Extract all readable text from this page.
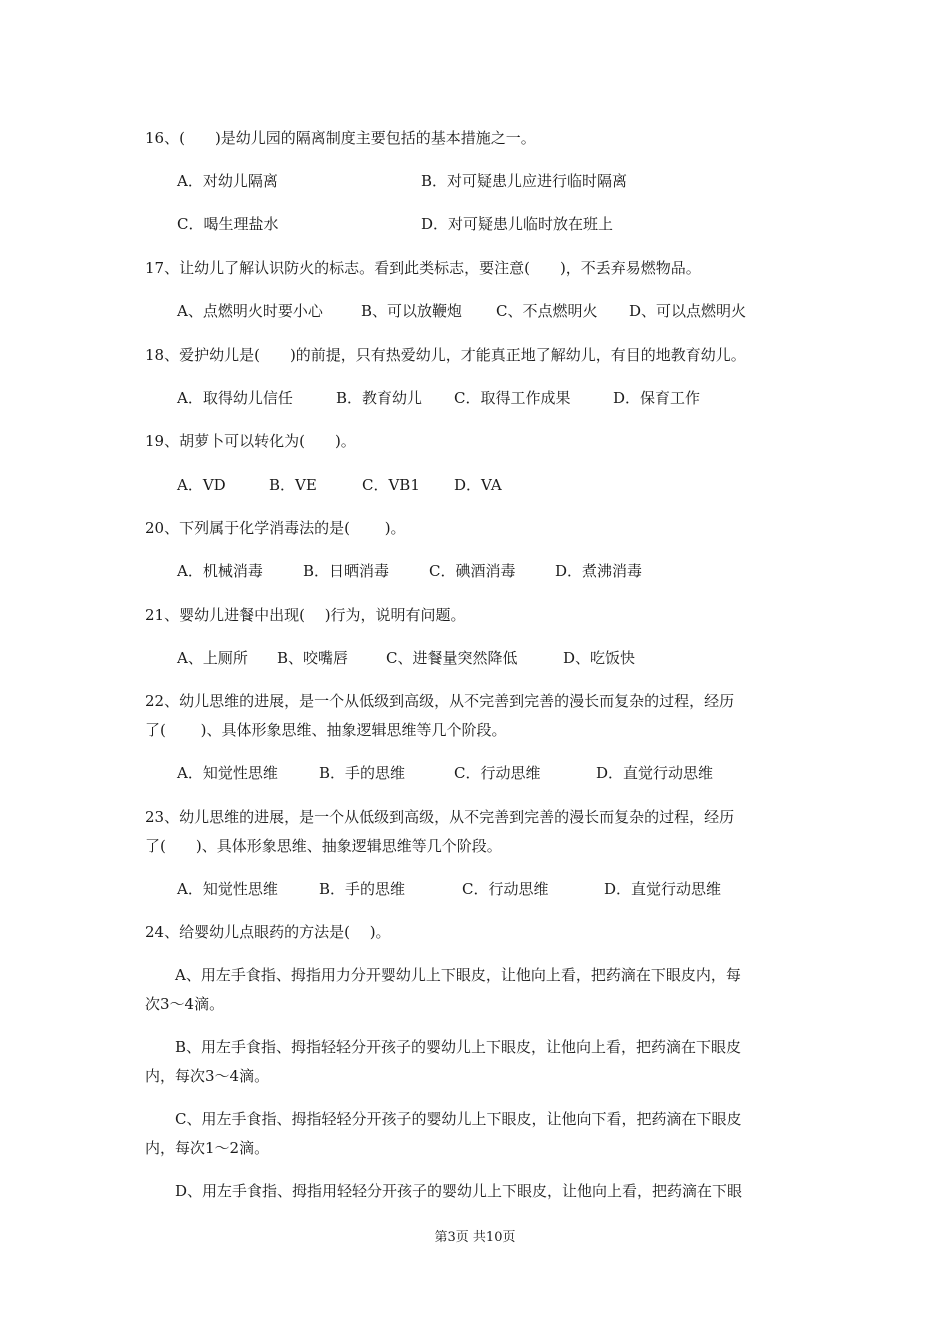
16、(　　)是幼儿园的隔离制度主要包括的基本措施之一。
A．对幼儿隔离	B．对可疑患儿应进行临时隔离
C．喝生理盐水	D．对可疑患儿临时放在班上
17、让幼儿了解认识防火的标志。看到此类标志，要注意(　　)，不丢弃易燃物品。
A、点燃明火时要小心	B、可以放鞭炮 C、不点燃明火 D、可以点燃明火
18、爱护幼儿是(　　)的前提，只有热爱幼儿，才能真正地了解幼儿，有目的地教育幼儿。
A．取得幼儿信任	B．教育幼儿 C．取得工作成果	D．保育工作
19、胡萝卜可以转化为(　　)。
A．VD	B．VE	C．VB1 D．VA
20、下列属于化学消毒法的是(　　 )。
A．机械消毒	B．日晒消毒	C．碘酒消毒	D．煮沸消毒
21、婴幼儿进餐中出现(　 )行为，说明有问题。
A、上厕所 B、咬嘴唇	C、进餐量突然降低	D、吃饭快
22、幼儿思维的进展，是一个从低级到高级，从不完善到完善的漫长而复杂的过程，经历
了(　　 )、具体形象思维、抽象逻辑思维等几个阶段。
A．知觉性思维	B．手的思维	C．行动思维	D．直觉行动思维
23、幼儿思维的进展，是一个从低级到高级，从不完善到完善的漫长而复杂的过程，经历
了(　　)、具体形象思维、抽象逻辑思维等几个阶段。
A．知觉性思维	B．手的思维	C．行动思维	D．直觉行动思维
24、给婴幼儿点眼药的方法是(　 )。
　　A、用左手食指、拇指用力分开婴幼儿上下眼皮，让他向上看，把药滴在下眼皮内，每
次3～4滴。
　　B、用左手食指、拇指轻轻分开孩子的婴幼儿上下眼皮，让他向上看，把药滴在下眼皮
内，每次3～4滴。
　　C、用左手食指、拇指轻轻分开孩子的婴幼儿上下眼皮，让他向下看，把药滴在下眼皮
内，每次1～2滴。
　　D、用左手食指、拇指用轻轻分开孩子的婴幼儿上下眼皮，让他向上看，把药滴在下眼
第3页 共10页
